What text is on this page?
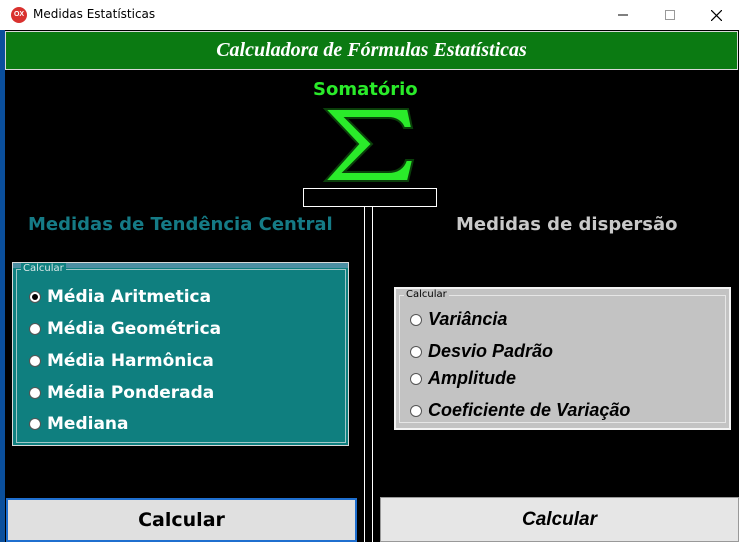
OX Medidas Estatísticas
Calculadora de Fórmulas Estatísticas
Somatório
Medidas de Tendência Central	Medidas de dispersão
Calcular
Média Aritmetica
Média Geométrica
Média Harmônica
Média Ponderada
Mediana
Calcular
Variância
Desvio Padrão
Amplitude
Coeficiente de Variação
Calcular	Calcular
